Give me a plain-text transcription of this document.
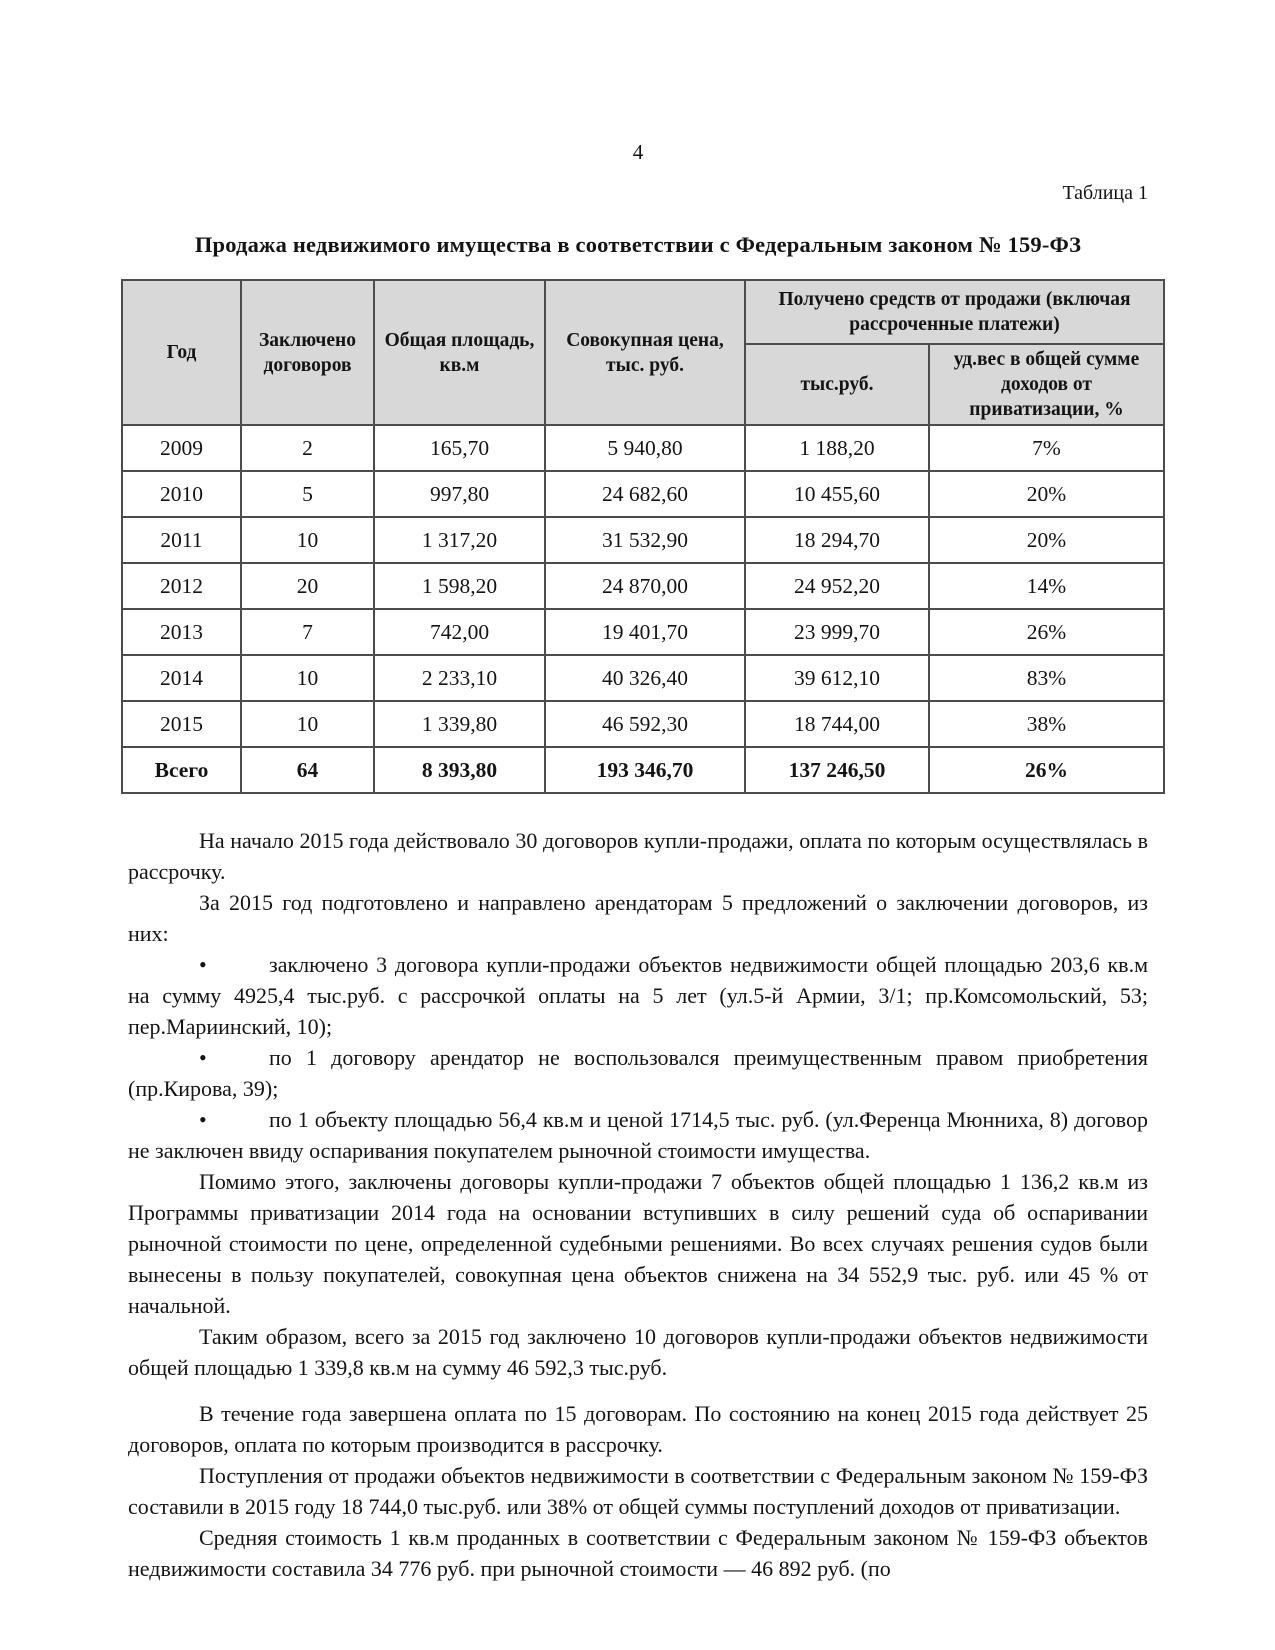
4
Таблица 1
Продажа недвижимого имущества в соответствии с Федеральным законом № 159-ФЗ
Год	Заключено договоров	Общая площадь, кв.м	Совокупная цена, тыс. руб.	Получено средств от продажи (включая рассроченные платежи)	
				тыс.руб.	уд.вес в общей сумме доходов от приватизации, %
2009	2	165,70	5 940,80	1 188,20	7%
2010	5	997,80	24 682,60	10 455,60	20%
2011	10	1 317,20	31 532,90	18 294,70	20%
2012	20	1 598,20	24 870,00	24 952,20	14%
2013	7	742,00	19 401,70	23 999,70	26%
2014	10	2 233,10	40 326,40	39 612,10	83%
2015	10	1 339,80	46 592,30	18 744,00	38%
Всего	64	8 393,80	193 346,70	137 246,50	26%

На начало 2015 года действовало 30 договоров купли-продажи, оплата по которым осуществлялась в рассрочку.

За 2015 год подготовлено и направлено арендаторам 5 предложений о заключении договоров, из них:

•	заключено 3 договора купли-продажи объектов недвижимости общей площадью 203,6 кв.м на сумму 4925,4 тыс.руб. с рассрочкой оплаты на 5 лет (ул.5-й Армии, 3/1; пр.Комсомольский, 53; пер.Мариинский, 10);

•	по 1 договору арендатор не воспользовался преимущественным правом приобретения (пр.Кирова, 39);

•	по 1 объекту площадью 56,4 кв.м и ценой 1714,5 тыс. руб. (ул.Ференца Мюнниха, 8) договор не заключен ввиду оспаривания покупателем рыночной стоимости имущества.

Помимо этого, заключены договоры купли-продажи 7 объектов общей площадью 1 136,2 кв.м из Программы приватизации 2014 года на основании вступивших в силу решений суда об оспаривании рыночной стоимости по цене, определенной судебными решениями. Во всех случаях решения судов были вынесены в пользу покупателей, совокупная цена объектов снижена на 34 552,9 тыс. руб. или 45 % от начальной.

Таким образом, всего за 2015 год заключено 10 договоров купли-продажи объектов недвижимости общей площадью 1 339,8 кв.м на сумму 46 592,3 тыс.руб.

В течение года завершена оплата по 15 договорам. По состоянию на конец 2015 года действует 25 договоров, оплата по которым производится в рассрочку.

Поступления от продажи объектов недвижимости в соответствии с Федеральным законом № 159-ФЗ составили в 2015 году 18 744,0 тыс.руб. или 38% от общей суммы поступлений доходов от приватизации.

Средняя стоимость 1 кв.м проданных в соответствии с Федеральным законом № 159-ФЗ объектов недвижимости составила 34 776 руб. при рыночной стоимости — 46 892 руб. (по
